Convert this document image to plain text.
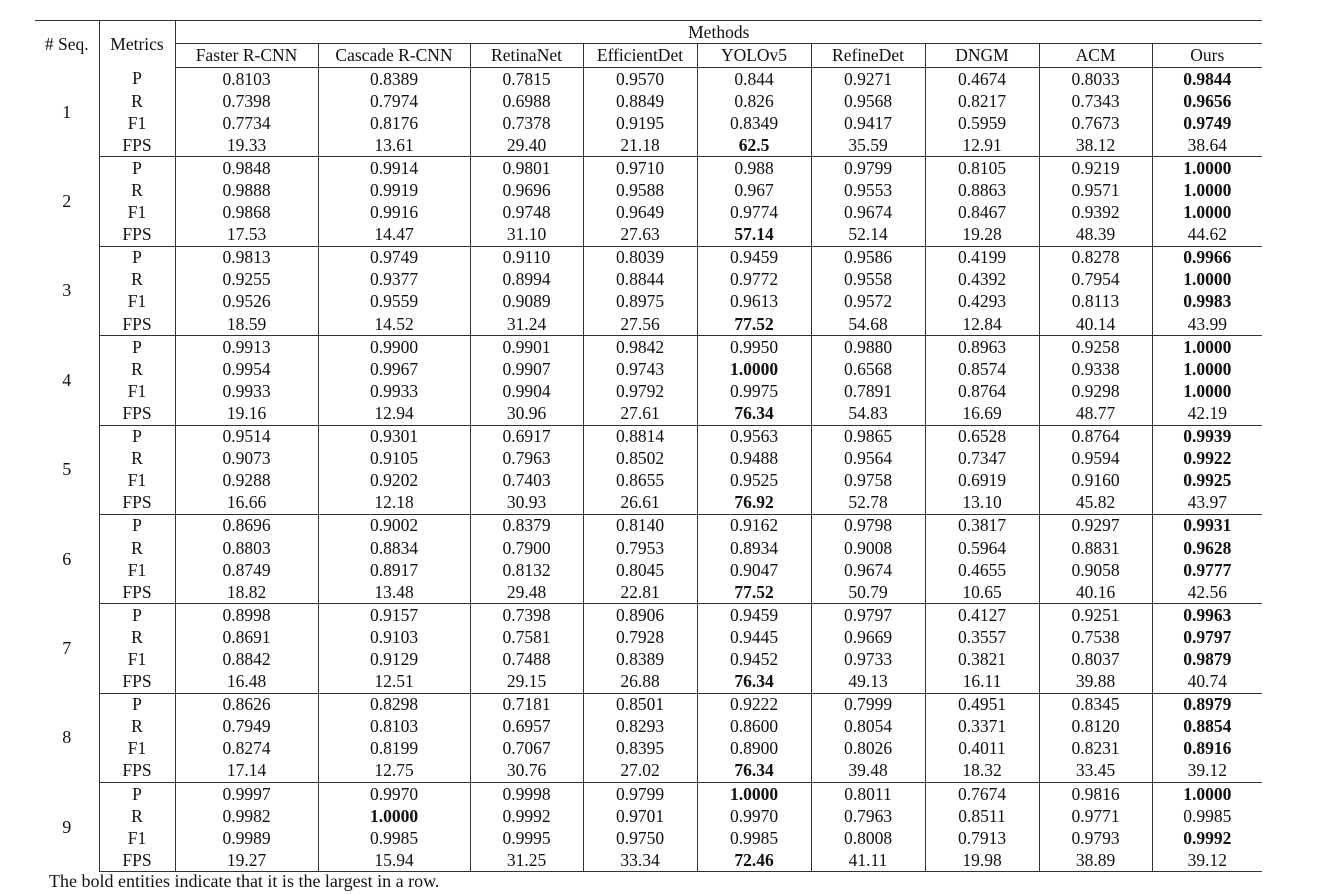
# Seq.	Metrics	Methods								
		Faster R-CNN	Cascade R-CNN	RetinaNet	EfficientDet	YOLOv5	RefineDet	DNGM	ACM	Ours
1	P	0.8103	0.8389	0.7815	0.9570	0.844	0.9271	0.4674	0.8033	0.9844
	R	0.7398	0.7974	0.6988	0.8849	0.826	0.9568	0.8217	0.7343	0.9656
	F1	0.7734	0.8176	0.7378	0.9195	0.8349	0.9417	0.5959	0.7673	0.9749
	FPS	19.33	13.61	29.40	21.18	62.5	35.59	12.91	38.12	38.64
2	P	0.9848	0.9914	0.9801	0.9710	0.988	0.9799	0.8105	0.9219	1.0000
	R	0.9888	0.9919	0.9696	0.9588	0.967	0.9553	0.8863	0.9571	1.0000
	F1	0.9868	0.9916	0.9748	0.9649	0.9774	0.9674	0.8467	0.9392	1.0000
	FPS	17.53	14.47	31.10	27.63	57.14	52.14	19.28	48.39	44.62
3	P	0.9813	0.9749	0.9110	0.8039	0.9459	0.9586	0.4199	0.8278	0.9966
	R	0.9255	0.9377	0.8994	0.8844	0.9772	0.9558	0.4392	0.7954	1.0000
	F1	0.9526	0.9559	0.9089	0.8975	0.9613	0.9572	0.4293	0.8113	0.9983
	FPS	18.59	14.52	31.24	27.56	77.52	54.68	12.84	40.14	43.99
4	P	0.9913	0.9900	0.9901	0.9842	0.9950	0.9880	0.8963	0.9258	1.0000
	R	0.9954	0.9967	0.9907	0.9743	1.0000	0.6568	0.8574	0.9338	1.0000
	F1	0.9933	0.9933	0.9904	0.9792	0.9975	0.7891	0.8764	0.9298	1.0000
	FPS	19.16	12.94	30.96	27.61	76.34	54.83	16.69	48.77	42.19
5	P	0.9514	0.9301	0.6917	0.8814	0.9563	0.9865	0.6528	0.8764	0.9939
	R	0.9073	0.9105	0.7963	0.8502	0.9488	0.9564	0.7347	0.9594	0.9922
	F1	0.9288	0.9202	0.7403	0.8655	0.9525	0.9758	0.6919	0.9160	0.9925
	FPS	16.66	12.18	30.93	26.61	76.92	52.78	13.10	45.82	43.97
6	P	0.8696	0.9002	0.8379	0.8140	0.9162	0.9798	0.3817	0.9297	0.9931
	R	0.8803	0.8834	0.7900	0.7953	0.8934	0.9008	0.5964	0.8831	0.9628
	F1	0.8749	0.8917	0.8132	0.8045	0.9047	0.9674	0.4655	0.9058	0.9777
	FPS	18.82	13.48	29.48	22.81	77.52	50.79	10.65	40.16	42.56
7	P	0.8998	0.9157	0.7398	0.8906	0.9459	0.9797	0.4127	0.9251	0.9963
	R	0.8691	0.9103	0.7581	0.7928	0.9445	0.9669	0.3557	0.7538	0.9797
	F1	0.8842	0.9129	0.7488	0.8389	0.9452	0.9733	0.3821	0.8037	0.9879
	FPS	16.48	12.51	29.15	26.88	76.34	49.13	16.11	39.88	40.74
8	P	0.8626	0.8298	0.7181	0.8501	0.9222	0.7999	0.4951	0.8345	0.8979
	R	0.7949	0.8103	0.6957	0.8293	0.8600	0.8054	0.3371	0.8120	0.8854
	F1	0.8274	0.8199	0.7067	0.8395	0.8900	0.8026	0.4011	0.8231	0.8916
	FPS	17.14	12.75	30.76	27.02	76.34	39.48	18.32	33.45	39.12
9	P	0.9997	0.9970	0.9998	0.9799	1.0000	0.8011	0.7674	0.9816	1.0000
	R	0.9982	1.0000	0.9992	0.9701	0.9970	0.7963	0.8511	0.9771	0.9985
	F1	0.9989	0.9985	0.9995	0.9750	0.9985	0.8008	0.7913	0.9793	0.9992
	FPS	19.27	15.94	31.25	33.34	72.46	41.11	19.98	38.89	39.12
The bold entities indicate that it is the largest in a row.
